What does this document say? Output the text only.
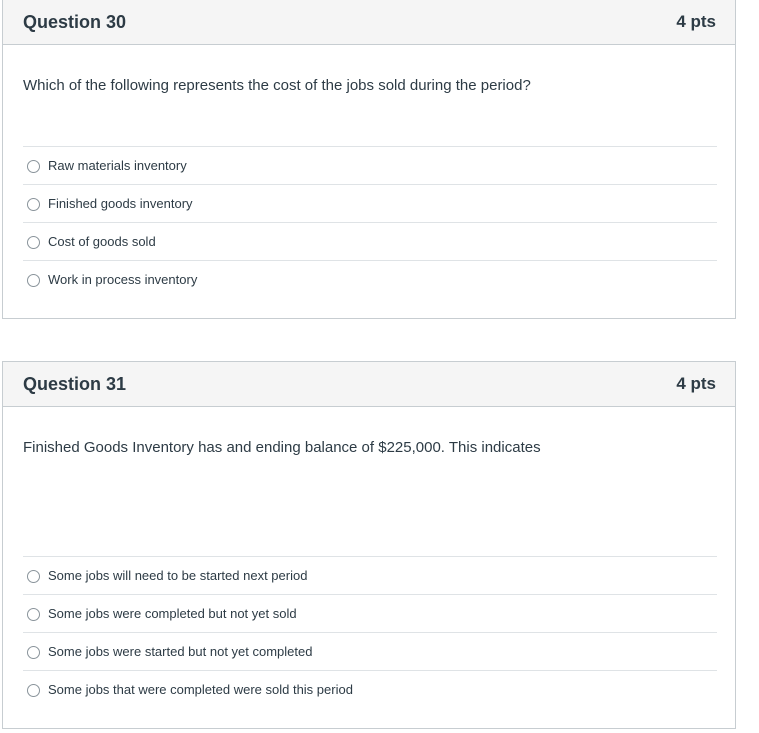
Question 30	4 pts
Which of the following represents the cost of the jobs sold during the period?
Raw materials inventory
Finished goods inventory
Cost of goods sold
Work in process inventory
Question 31	4 pts
Finished Goods Inventory has and ending balance of $225,000. This indicates
Some jobs will need to be started next period
Some jobs were completed but not yet sold
Some jobs were started but not yet completed
Some jobs that were completed were sold this period
